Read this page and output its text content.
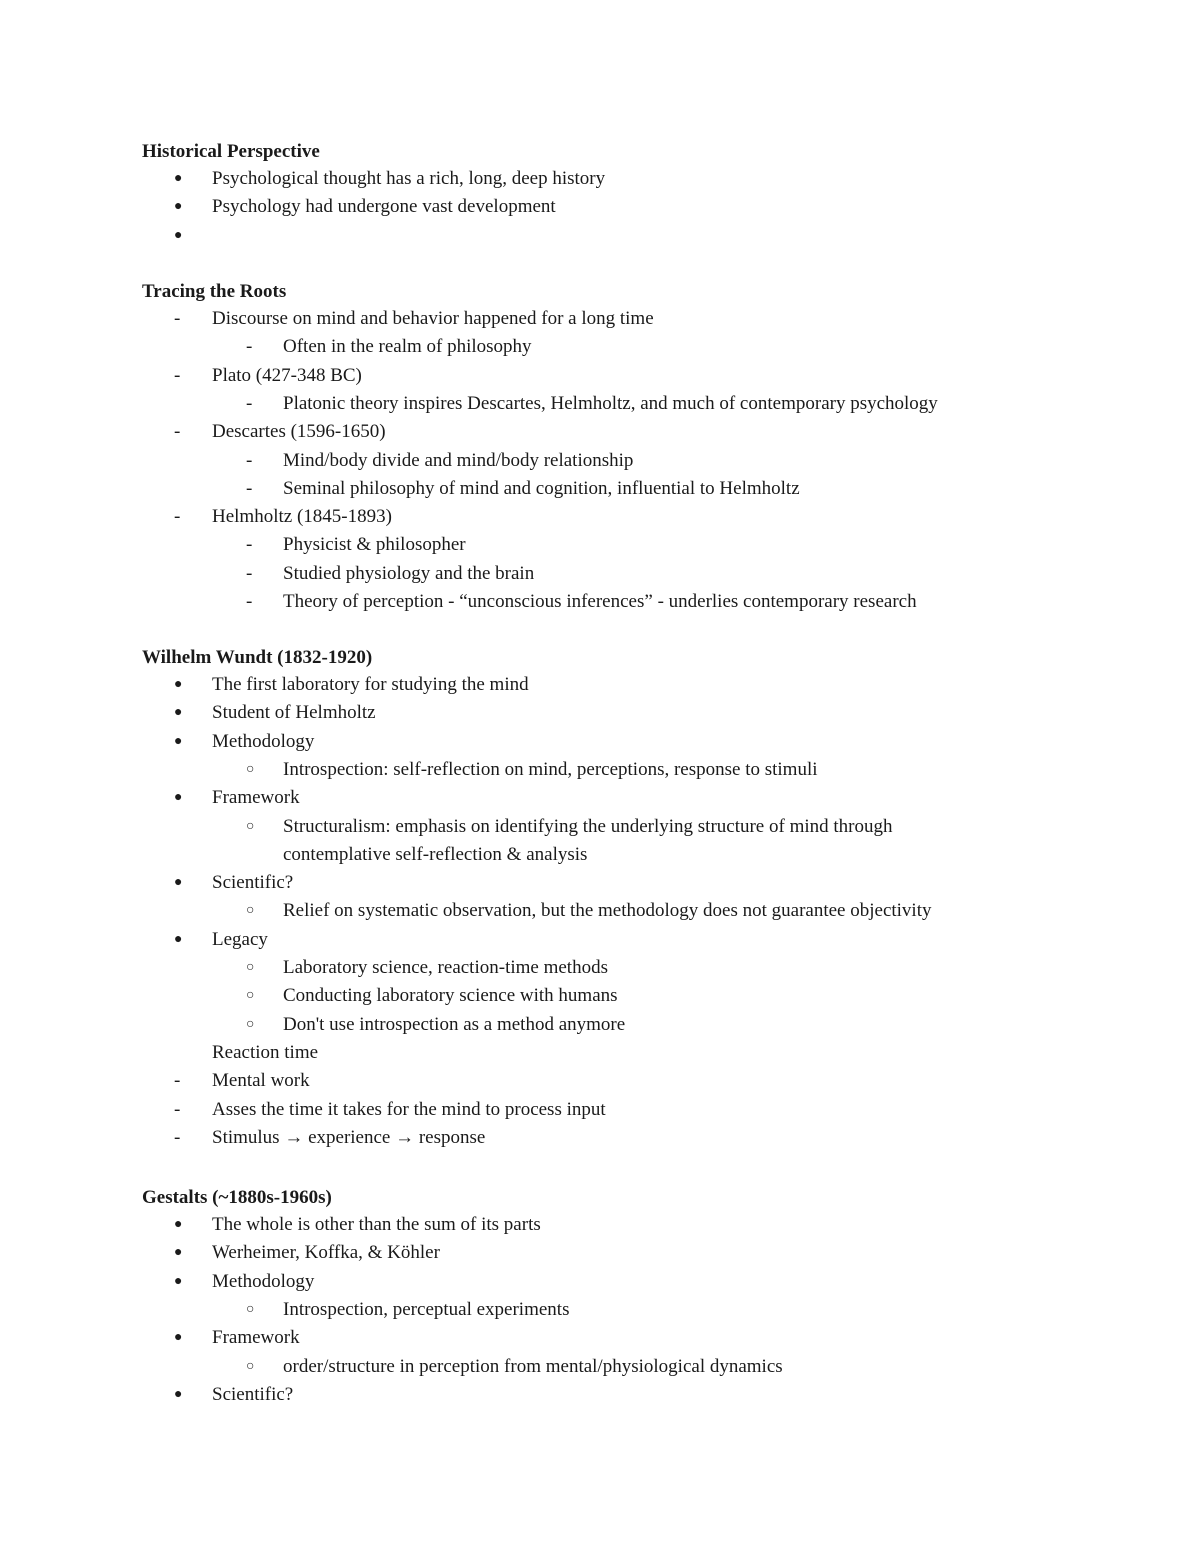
Historical Perspective
● Psychological thought has a rich, long, deep history
● Psychology had undergone vast development
●
Tracing the Roots
- Discourse on mind and behavior happened for a long time
- Often in the realm of philosophy
- Plato (427-348 BC)
- Platonic theory inspires Descartes, Helmholtz, and much of contemporary psychology
- Descartes (1596-1650)
- Mind/body divide and mind/body relationship
- Seminal philosophy of mind and cognition, influential to Helmholtz
- Helmholtz (1845-1893)
- Physicist & philosopher
- Studied physiology and the brain
- Theory of perception - “unconscious inferences” - underlies contemporary research
Wilhelm Wundt (1832-1920)
● The first laboratory for studying the mind
● Student of Helmholtz
● Methodology
○ Introspection: self-reflection on mind, perceptions, response to stimuli
● Framework
○ Structuralism: emphasis on identifying the underlying structure of mind through
contemplative self-reflection & analysis
● Scientific?
○ Relief on systematic observation, but the methodology does not guarantee objectivity
● Legacy
○ Laboratory science, reaction-time methods
○ Conducting laboratory science with humans
○ Don't use introspection as a method anymore
Reaction time
- Mental work
- Asses the time it takes for the mind to process input
- Stimulus → experience → response
Gestalts (~1880s-1960s)
● The whole is other than the sum of its parts
● Werheimer, Koffka, & Köhler
● Methodology
○ Introspection, perceptual experiments
● Framework
○ order/structure in perception from mental/physiological dynamics
● Scientific?
